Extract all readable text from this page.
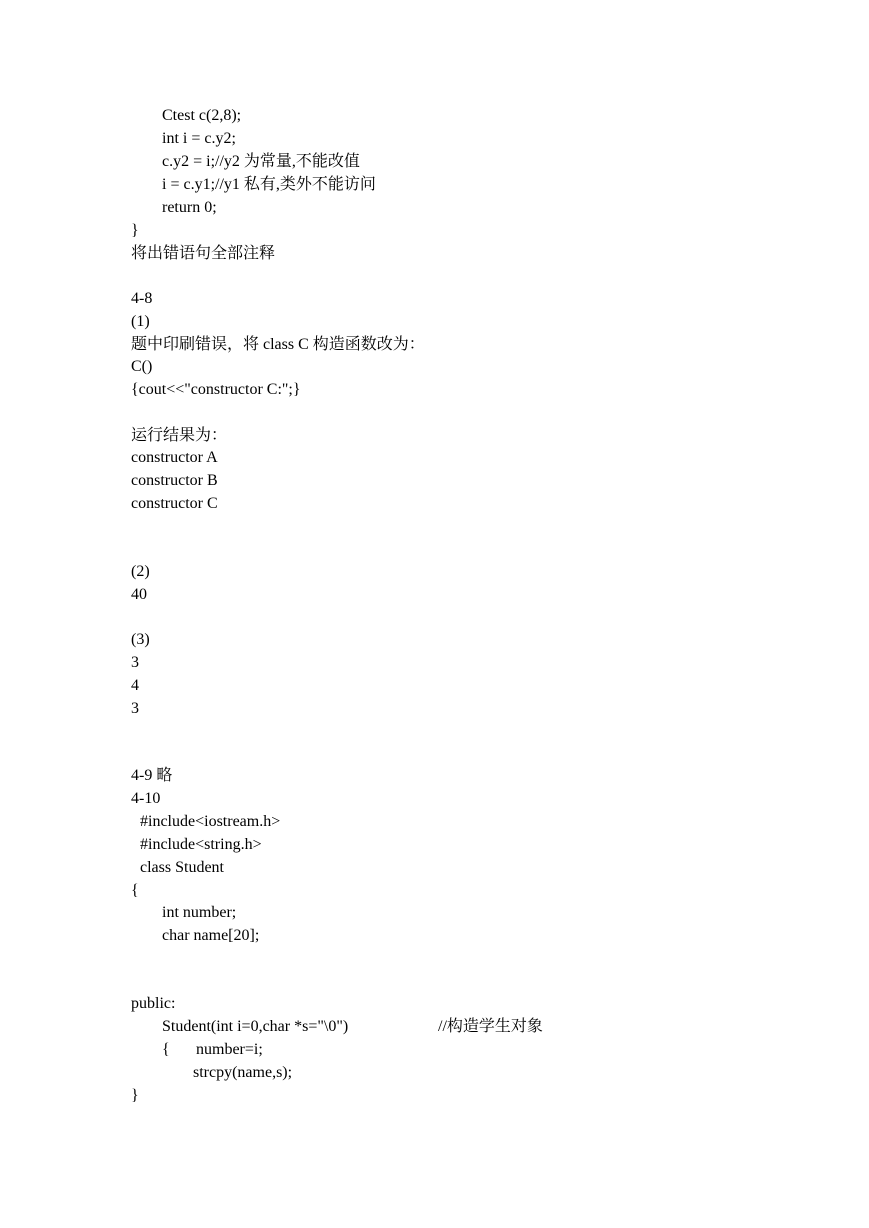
Ctest c(2,8);

int i = c.y2;

c.y2 = i;//y2 为常量,不能改值

i = c.y1;//y1 私有,类外不能访问

return 0;

}

将出错语句全部注释

4-8

(1)

题中印刷错误，将 class C 构造函数改为：

C()

{cout<<"constructor C:";}

运行结果为：

constructor A

constructor B

constructor C

(2)

40

(3)

3

4

3

4-9 略

4-10

#include<iostream.h>

#include<string.h>

class Student

{

int number;

char name[20];

public:

Student(int i=0,char *s="\0")	//构造学生对象

{ number=i;

strcpy(name,s);

}
